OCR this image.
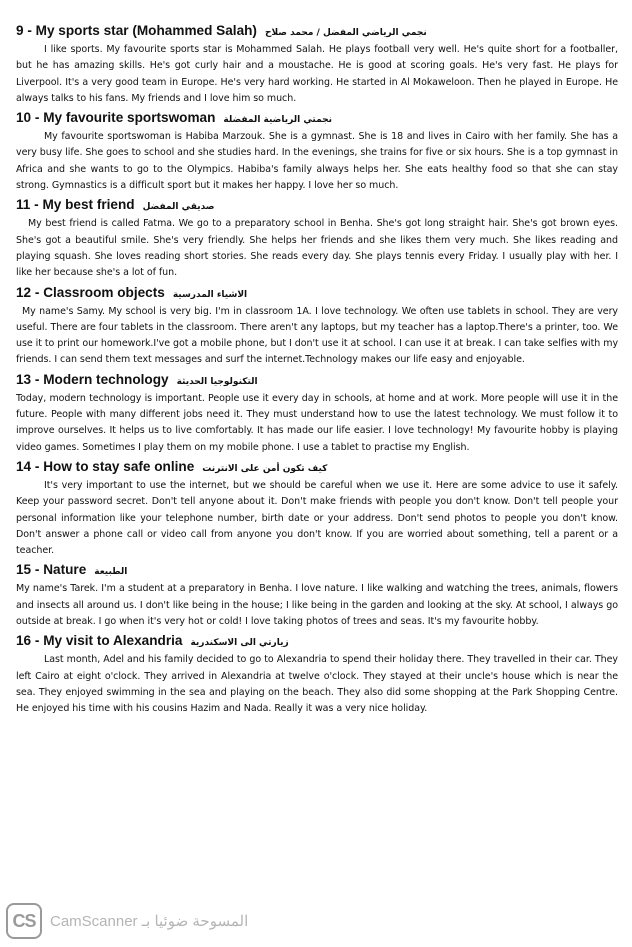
9 - My sports star (Mohammed Salah) نجمي الرياضي المفضل / محمد صلاح

I like sports. My favourite sports star is Mohammed Salah. He plays football very well. He's quite short for a footballer, but he has amazing skills. He's got curly hair and a moustache. He is good at scoring goals. He's very fast. He plays for Liverpool. It's a very good team in Europe. He's very hard working. He started in Al Mokaweloon. Then he played in Europe. He always talks to his fans. My friends and I love him so much.

10 - My favourite sportswoman نجمتي الرياضية المفضلة

My favourite sportswoman is Habiba Marzouk. She is a gymnast. She is 18 and lives in Cairo with her family. She has a very busy life. She goes to school and she studies hard. In the evenings, she trains for five or six hours. She is a top gymnast in Africa and she wants to go to the Olympics. Habiba's family always helps her. She eats healthy food so that she can stay strong. Gymnastics is a difficult sport but it makes her happy. I love her so much.

11 - My best friend صديقي المفضل

My best friend is called Fatma. We go to a preparatory school in Benha. She's got long straight hair. She's got brown eyes. She's got a beautiful smile. She's very friendly. She helps her friends and she likes them very much. She likes reading and playing squash. She loves reading short stories. She reads every day. She plays tennis every Friday. I usually play with her. I like her because she's a lot of fun.

12 - Classroom objects الاشياء المدرسية

My name's Samy. My school is very big. I'm in classroom 1A. I love technology. We often use tablets in school. They are very useful. There are four tablets in the classroom. There aren't any laptops, but my teacher has a laptop.There's a printer, too. We use it to print our homework.I've got a mobile phone, but I don't use it at school. I can use it at break. I can take selfies with my friends. I can send them text messages and surf the internet.Technology makes our life easy and enjoyable.

13 - Modern technology التكنولوجيا الحديثة

Today, modern technology is important. People use it every day in schools, at home and at work. More people will use it in the future. People with many different jobs need it. They must understand how to use the latest technology. We must follow it to improve ourselves. It helps us to live comfortably. It has made our life easier. I love technology! My favourite hobby is playing video games. Sometimes I play them on my mobile phone. I use a tablet to practise my English.

14 - How to stay safe online كيف تكون أمن على الانترنت

It's very important to use the internet, but we should be careful when we use it. Here are some advice to use it safely. Keep your password secret. Don't tell anyone about it. Don't make friends with people you don't know. Don't tell people your personal information like your telephone number, birth date or your address. Don't send photos to people you don't know. Don't answer a phone call or video call from anyone you don't know. If you are worried about something, tell a parent or a teacher.

15 - Nature الطبيعة

My name's Tarek. I'm a student at a preparatory in Benha. I love nature. I like walking and watching the trees, animals, flowers and insects all around us. I don't like being in the house; I like being in the garden and looking at the sky. At school, I always go outside at break. I go when it's very hot or cold! I love taking photos of trees and seas. It's my favourite hobby.

16 - My visit to Alexandria زيارتي الى الاسكندرية

Last month, Adel and his family decided to go to Alexandria to spend their holiday there. They travelled in their car. They left Cairo at eight o'clock. They arrived in Alexandria at twelve o'clock. They stayed at their uncle's house which is near the sea. They enjoyed swimming in the sea and playing on the beach. They also did some shopping at the Park Shopping Centre. He enjoyed his time with his cousins Hazim and Nada. Really it was a very nice holiday.

CS المسوحة ضوئيا بـ CamScanner
